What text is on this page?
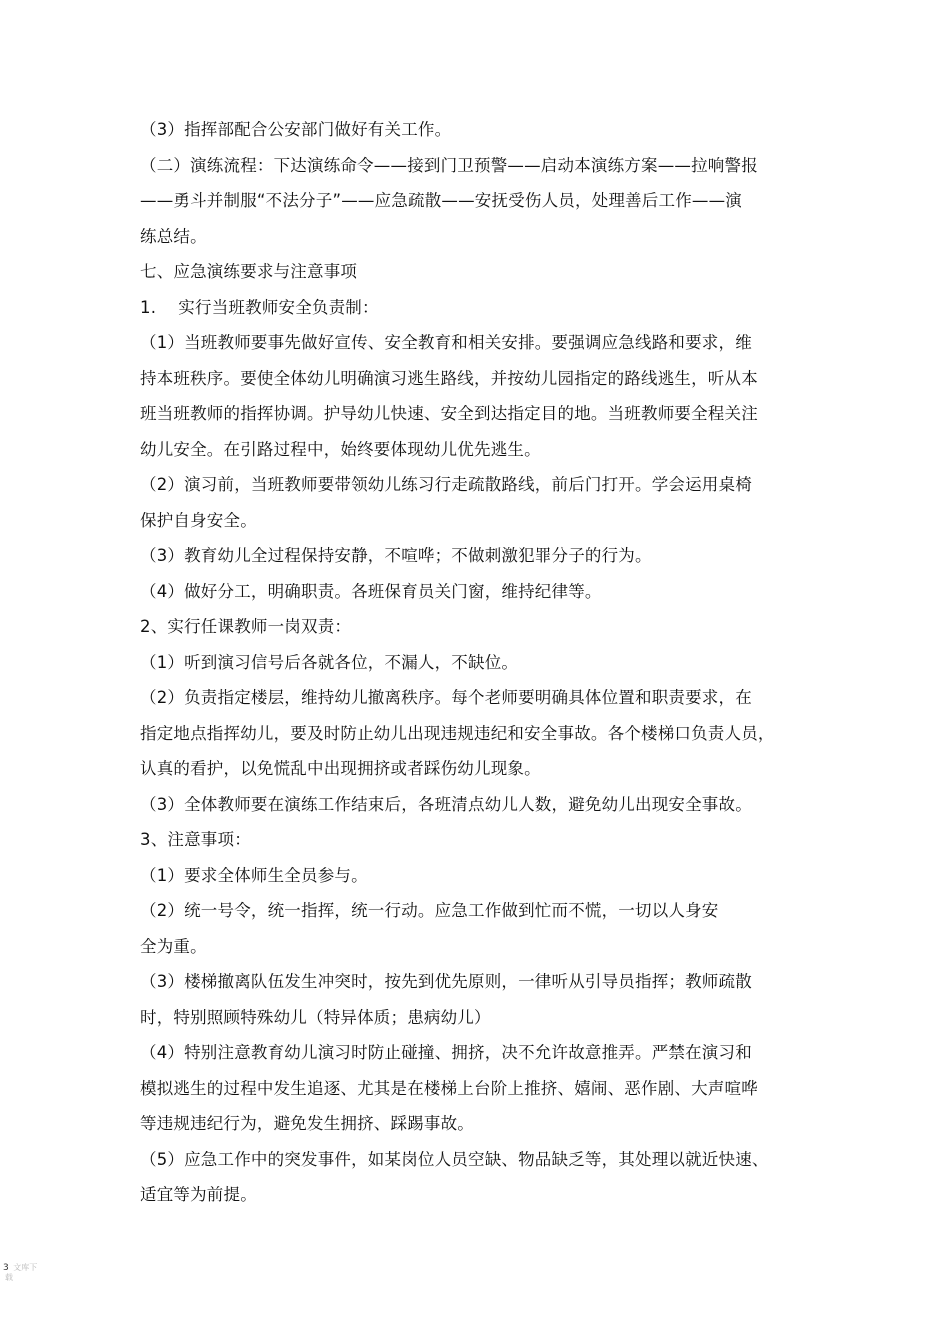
（3）指挥部配合公安部门做好有关工作。

（二）演练流程：下达演练命令——接到门卫预警——启动本演练方案——拉响警报

——勇斗并制服“不法分子”——应急疏散——安抚受伤人员，处理善后工作——演

练总结。

七、应急演练要求与注意事项

1.　 实行当班教师安全负责制：

（1）当班教师要事先做好宣传、安全教育和相关安排。要强调应急线路和要求，维

持本班秩序。要使全体幼儿明确演习逃生路线，并按幼儿园指定的路线逃生，听从本

班当班教师的指挥协调。护导幼儿快速、安全到达指定目的地。当班教师要全程关注

幼儿安全。在引路过程中，始终要体现幼儿优先逃生。

（2）演习前，当班教师要带领幼儿练习行走疏散路线，前后门打开。学会运用桌椅

保护自身安全。

（3）教育幼儿全过程保持安静，不喧哗；不做刺激犯罪分子的行为。

（4）做好分工，明确职责。各班保育员关门窗，维持纪律等。

2、实行任课教师一岗双责：

（1）听到演习信号后各就各位，不漏人，不缺位。

（2）负责指定楼层，维持幼儿撤离秩序。每个老师要明确具体位置和职责要求，在

指定地点指挥幼儿，要及时防止幼儿出现违规违纪和安全事故。各个楼梯口负责人员，

认真的看护，以免慌乱中出现拥挤或者踩伤幼儿现象。

（3）全体教师要在演练工作结束后，各班清点幼儿人数，避免幼儿出现安全事故。

3、注意事项：

（1）要求全体师生全员参与。

（2）统一号令，统一指挥，统一行动。应急工作做到忙而不慌，一切以人身安

全为重。

（3）楼梯撤离队伍发生冲突时，按先到优先原则，一律听从引导员指挥；教师疏散

时，特别照顾特殊幼儿（特异体质；患病幼儿）

（4）特别注意教育幼儿演习时防止碰撞、拥挤，决不允许故意推弄。严禁在演习和

模拟逃生的过程中发生追逐、尤其是在楼梯上台阶上推挤、嬉闹、恶作剧、大声喧哗

等违规违纪行为，避免发生拥挤、踩踢事故。

（5）应急工作中的突发事件，如某岗位人员空缺、物品缺乏等，其处理以就近快速、

适宜等为前提。

3 文库下
载
